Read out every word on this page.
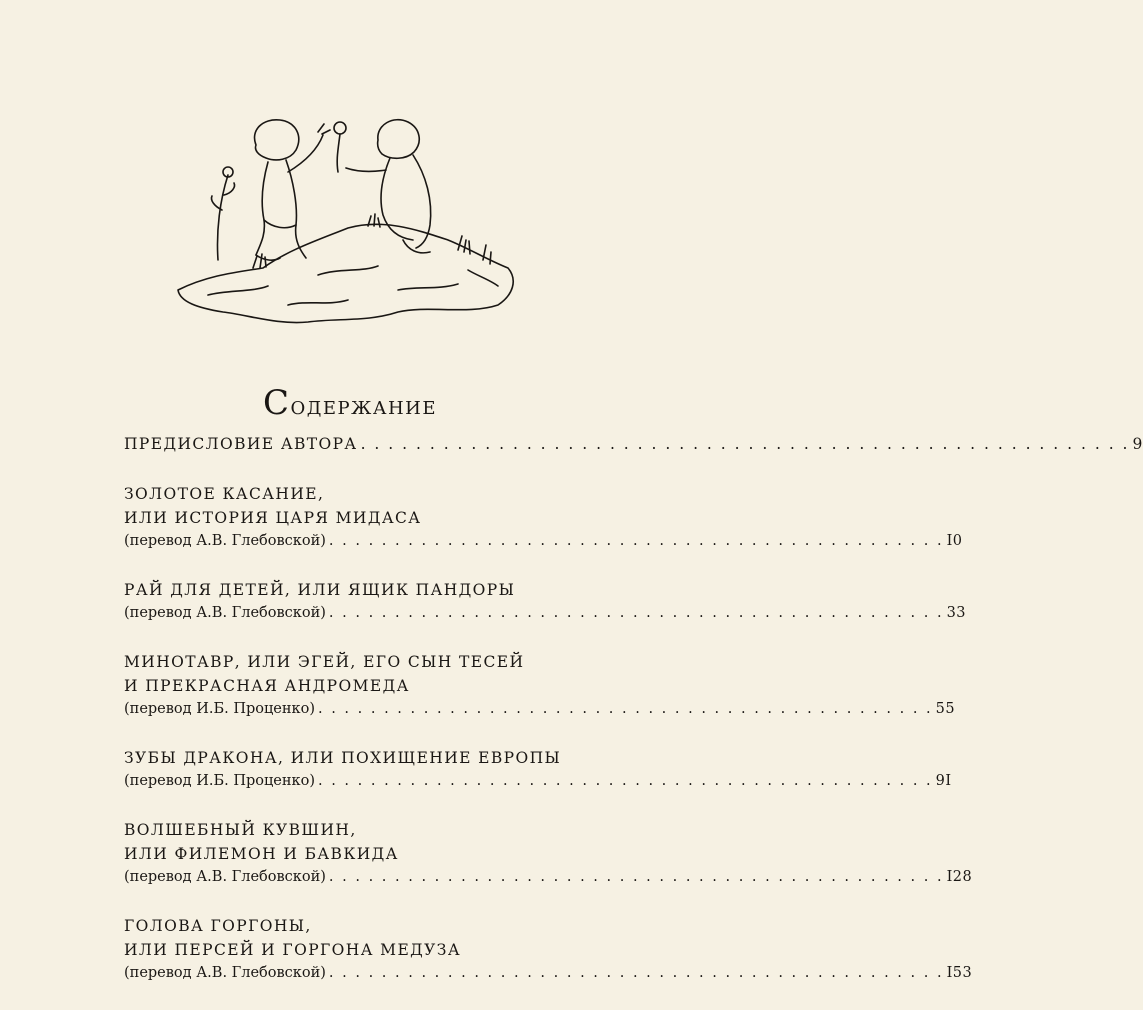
Содержание
ПРЕДИСЛОВИЕ АВТОРА . . . . . . . . . . . . . . . . . . . . . . . . . . . . . . . . . . . . . . . . . . . . . . . . . . . . . . . . 9
ЗОЛОТОЕ КАСАНИЕ,
ИЛИ ИСТОРИЯ ЦАРЯ МИДАСА
(перевод А.В. Глебовской) . . . . . . . . . . . . . . . . . . . . . . . . . . . . . . . . . . . . . . . . . . . . . . . I0
РАЙ ДЛЯ ДЕТЕЙ, ИЛИ ЯЩИК ПАНДОРЫ
(перевод А.В. Глебовской) . . . . . . . . . . . . . . . . . . . . . . . . . . . . . . . . . . . . . . . . . . . . . . . 33
МИНОТАВР, ИЛИ ЭГЕЙ, ЕГО СЫН ТЕСЕЙ
И ПРЕКРАСНАЯ АНДРОМЕДА
(перевод И.Б. Проценко) . . . . . . . . . . . . . . . . . . . . . . . . . . . . . . . . . . . . . . . . . . . . . . . 55
ЗУБЫ ДРАКОНА, ИЛИ ПОХИЩЕНИЕ ЕВРОПЫ
(перевод И.Б. Проценко) . . . . . . . . . . . . . . . . . . . . . . . . . . . . . . . . . . . . . . . . . . . . . . . 9I
ВОЛШЕБНЫЙ КУВШИН,
ИЛИ ФИЛЕМОН И БАВКИДА
(перевод А.В. Глебовской) . . . . . . . . . . . . . . . . . . . . . . . . . . . . . . . . . . . . . . . . . . . . . . . I28
ГОЛОВА ГОРГОНЫ,
ИЛИ ПЕРСЕЙ И ГОРГОНА МЕДУЗА
(перевод А.В. Глебовской) . . . . . . . . . . . . . . . . . . . . . . . . . . . . . . . . . . . . . . . . . . . . . . . I53
